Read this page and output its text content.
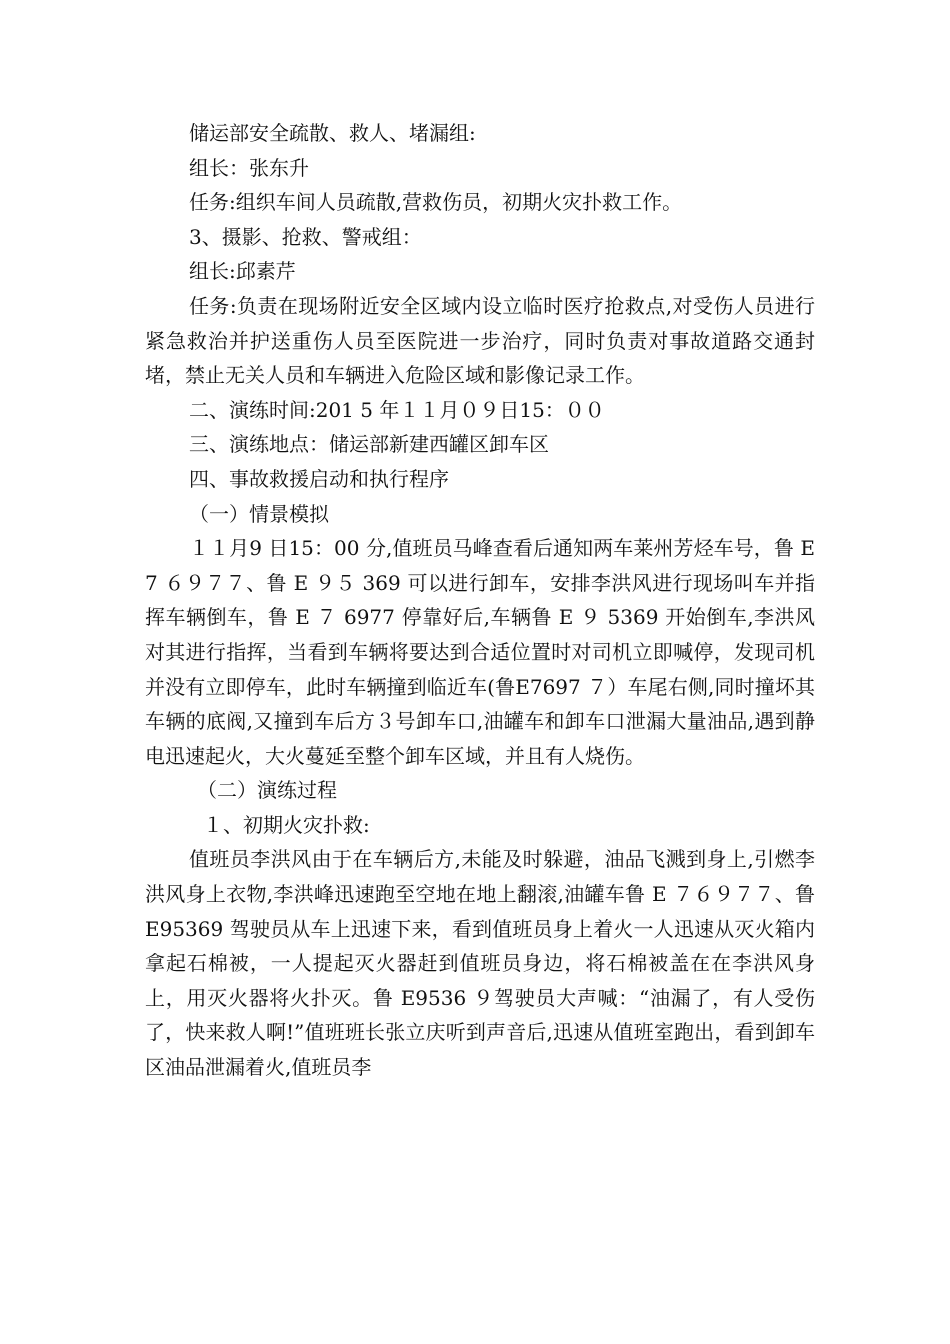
储运部安全疏散、救人、堵漏组:

组长：张东升

任务:组织车间人员疏散,营救伤员，初期火灾扑救工作。

3、摄影、抢救、警戒组：

组长:邱素芹

任务:负责在现场附近安全区域内设立临时医疗抢救点,对受伤人员进行紧急救治并护送重伤人员至医院进一步治疗，同时负责对事故道路交通封堵，禁止无关人员和车辆进入危险区域和影像记录工作。

二、演练时间:201 5 年１１月０９日15：００

三、演练地点：储运部新建西罐区卸车区

四、事故救援启动和执行程序

（一）情景模拟

１１月9 日15：00 分,值班员马峰查看后通知两车莱州芳烃车号，鲁 E7 ６９７７、鲁 E ９５ 369 可以进行卸车，安排李洪风进行现场叫车并指挥车辆倒车，鲁 E ７ 6977 停靠好后,车辆鲁 E ９ 5369 开始倒车,李洪风对其进行指挥，当看到车辆将要达到合适位置时对司机立即喊停，发现司机并没有立即停车，此时车辆撞到临近车(鲁E7697 ７）车尾右侧,同时撞坏其车辆的底阀,又撞到车后方３号卸车口,油罐车和卸车口泄漏大量油品,遇到静电迅速起火，大火蔓延至整个卸车区域，并且有人烧伤。

（二）演练过程

１、初期火灾扑救:

值班员李洪风由于在车辆后方,未能及时躲避，油品飞溅到身上,引燃李洪风身上衣物,李洪峰迅速跑至空地在地上翻滚,油罐车鲁 E ７６９７７、鲁 E95369 驾驶员从车上迅速下来，看到值班员身上着火一人迅速从灭火箱内拿起石棉被，一人提起灭火器赶到值班员身边，将石棉被盖在在李洪风身上，用灭火器将火扑灭。鲁 E9536 ９驾驶员大声喊：“油漏了，有人受伤了，快来救人啊!”值班班长张立庆听到声音后,迅速从值班室跑出，看到卸车区油品泄漏着火,值班员李
